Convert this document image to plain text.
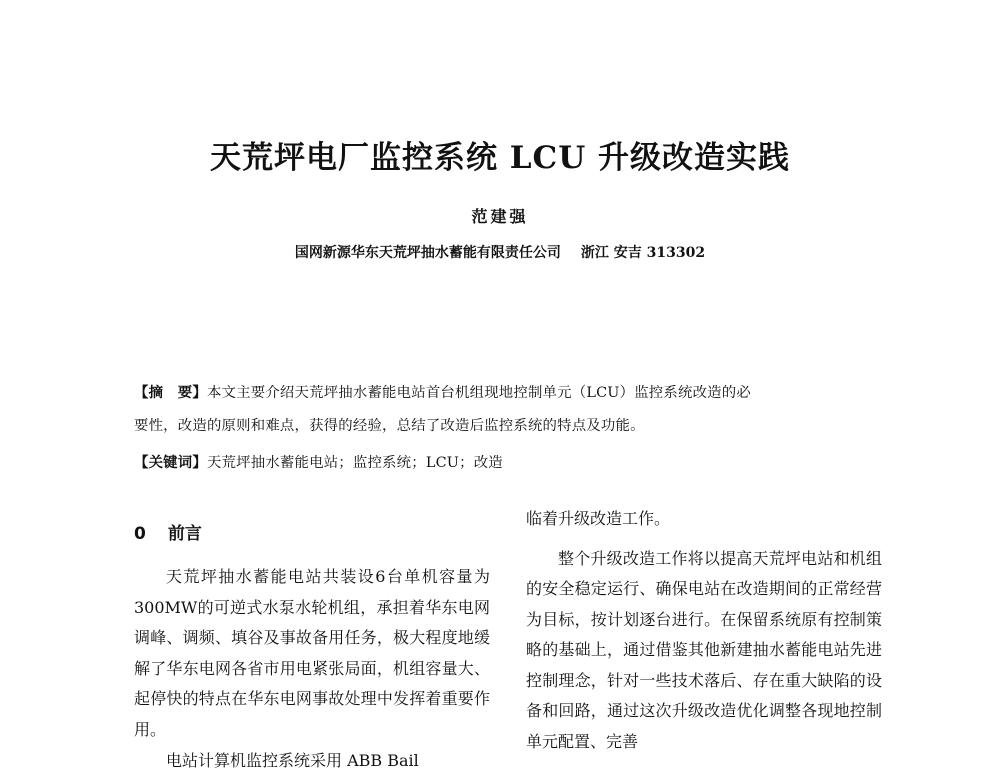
天荒坪电厂监控系统 LCU 升级改造实践
范建强
国网新源华东天荒坪抽水蓄能有限责任公司 浙江 安吉 313302
【摘　要】本文主要介绍天荒坪抽水蓄能电站首台机组现地控制单元（LCU）监控系统改造的必
要性，改造的原则和难点，获得的经验，总结了改造后监控系统的特点及功能。
【关键词】天荒坪抽水蓄能电站；监控系统；LCU；改造
0 前言

天荒坪抽水蓄能电站共装设6台单机容量为300MW的可逆式水泵水轮机组，承担着华东电网调峰、调频、填谷及事故备用任务，极大程度地缓解了华东电网各省市用电紧张局面，机组容量大、起停快的特点在华东电网事故处理中发挥着重要作用。

电站计算机监控系统采用 ABB Bail

临着升级改造工作。

整个升级改造工作将以提高天荒坪电站和机组的安全稳定运行、确保电站在改造期间的正常经营为目标，按计划逐台进行。在保留系统原有控制策略的基础上，通过借鉴其他新建抽水蓄能电站先进控制理念，针对一些技术落后、存在重大缺陷的设备和回路，通过这次升级改造优化调整各现地控制单元配置、完善
